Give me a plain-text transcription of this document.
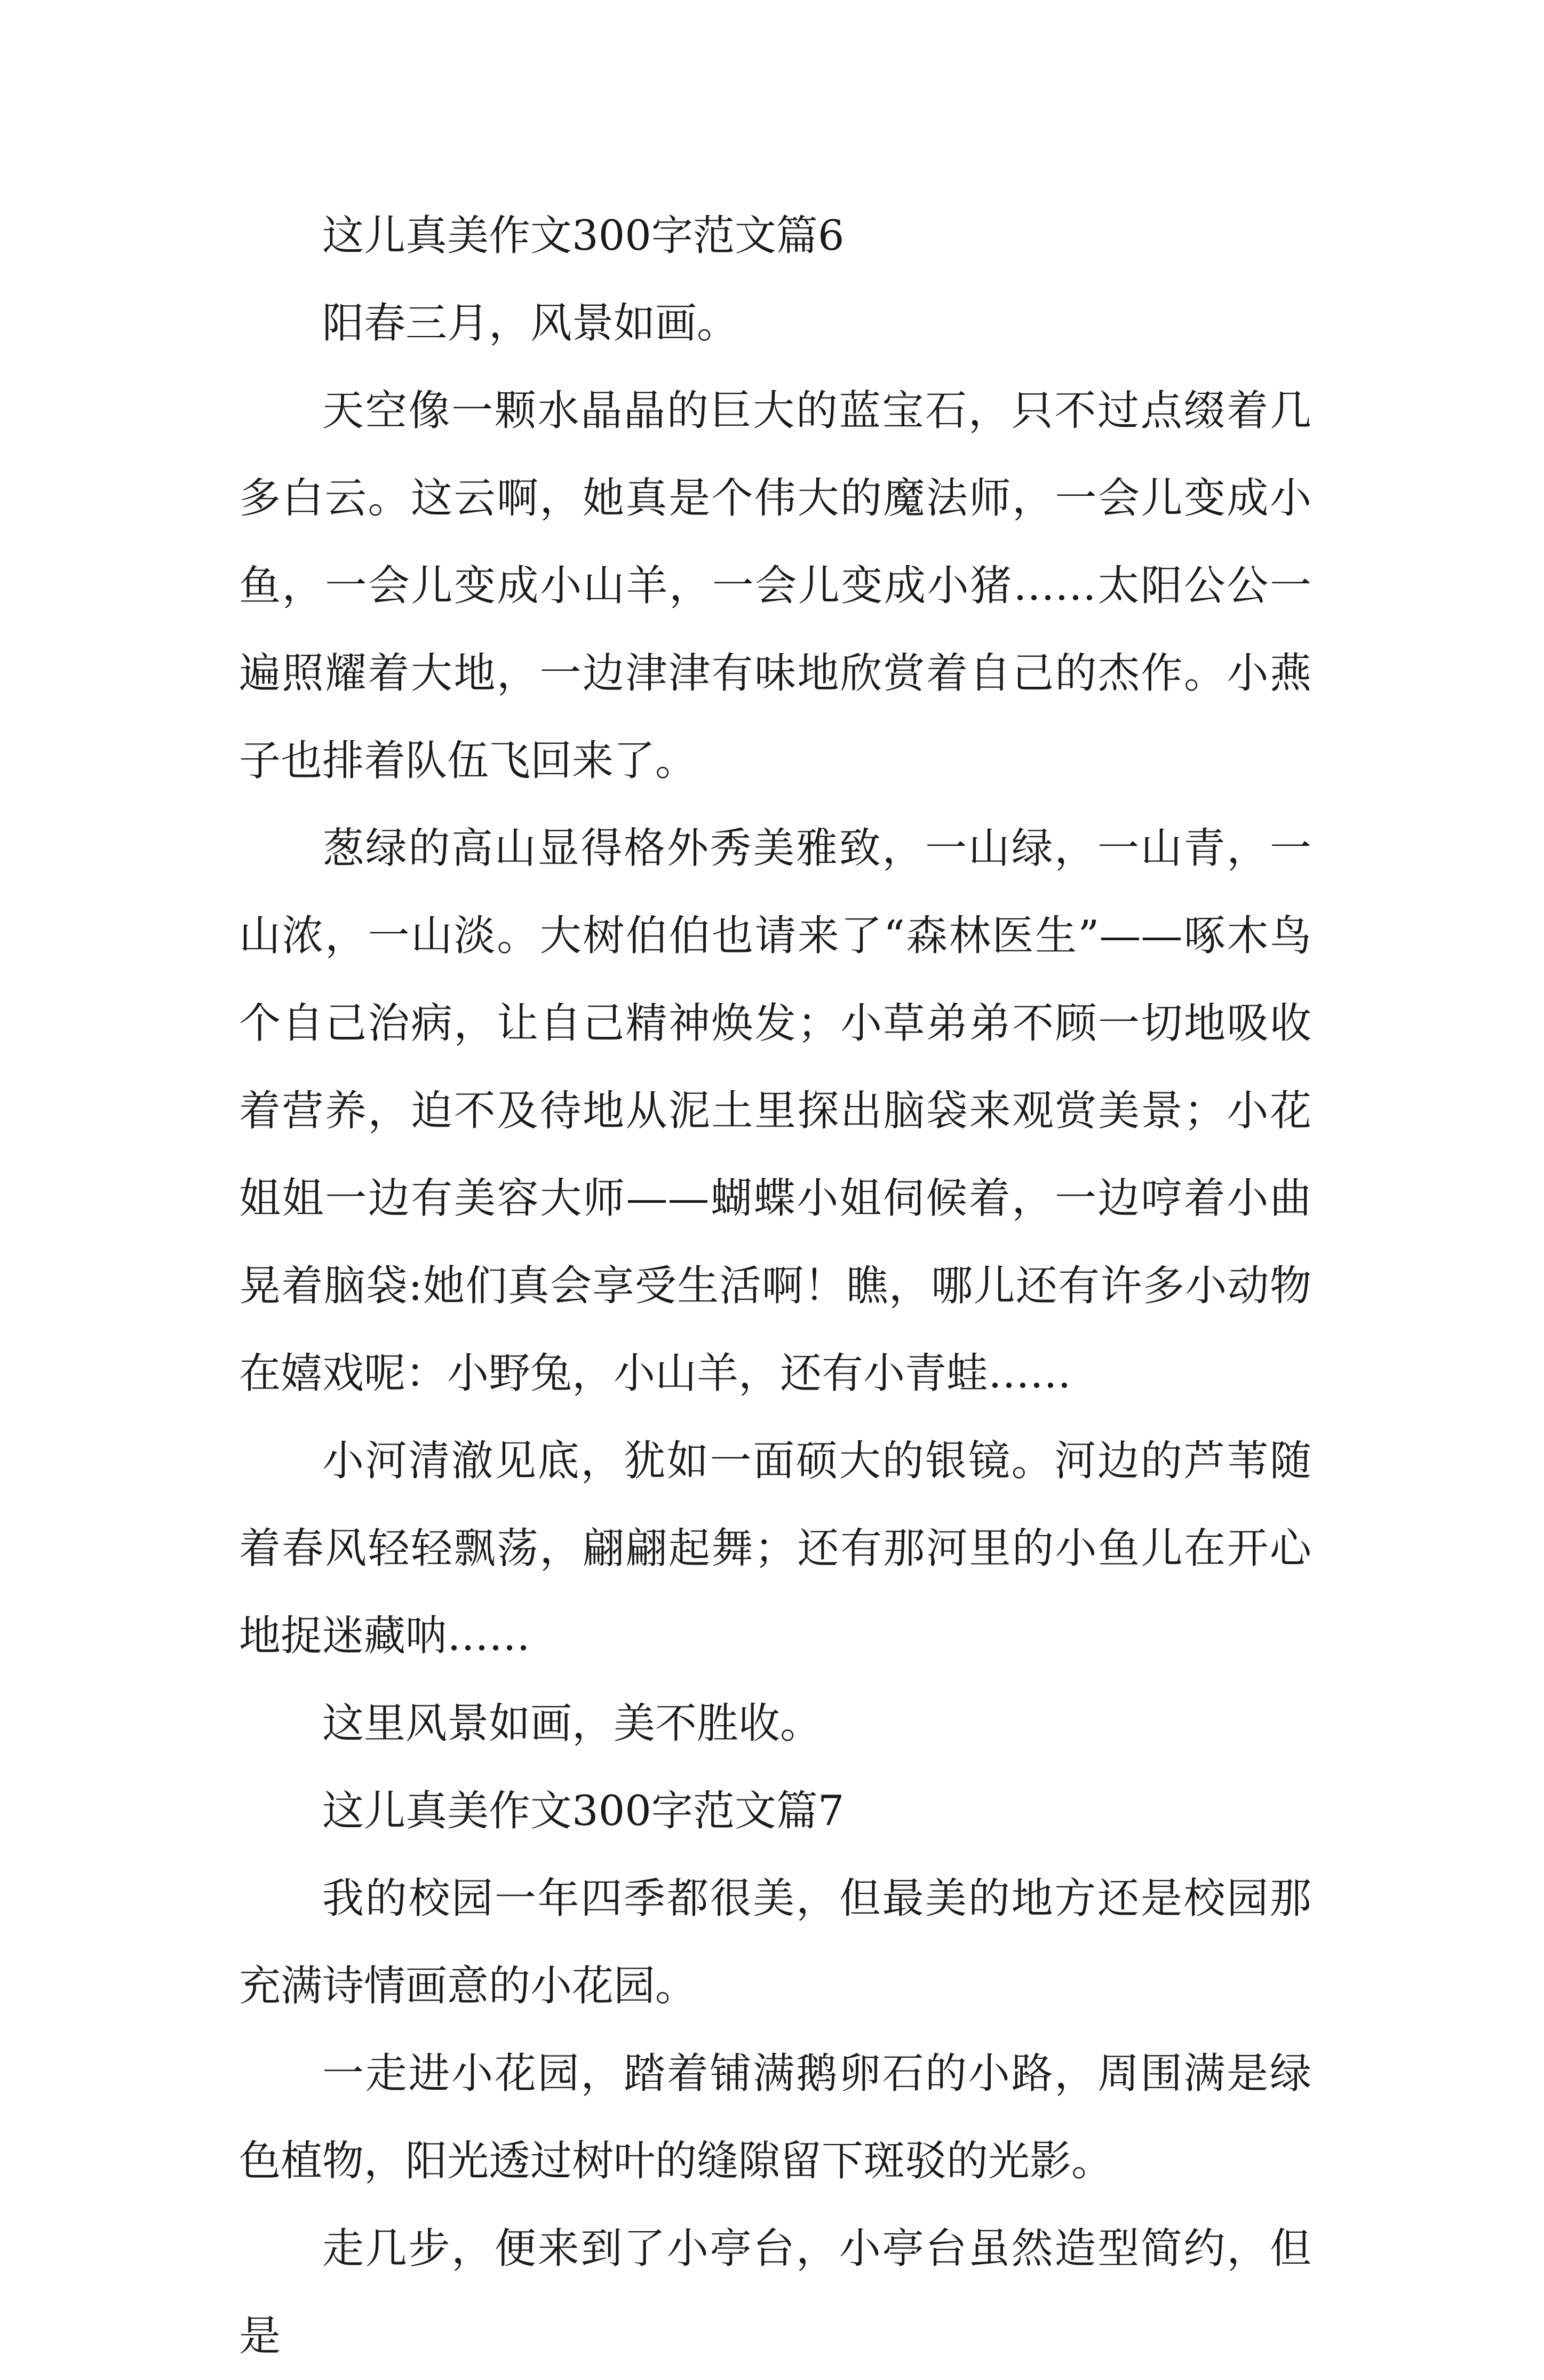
这儿真美作文300字范文篇6

阳春三月，风景如画。

天空像一颗水晶晶的巨大的蓝宝石，只不过点缀着几多白云。这云啊，她真是个伟大的魔法师，一会儿变成小鱼，一会儿变成小山羊，一会儿变成小猪……太阳公公一遍照耀着大地，一边津津有味地欣赏着自己的杰作。小燕子也排着队伍飞回来了。

葱绿的高山显得格外秀美雅致，一山绿，一山青，一山浓，一山淡。大树伯伯也请来了“森林医生”——啄木鸟个自己治病，让自己精神焕发；小草弟弟不顾一切地吸收着营养，迫不及待地从泥土里探出脑袋来观赏美景；小花姐姐一边有美容大师——蝴蝶小姐伺候着，一边哼着小曲晃着脑袋:她们真会享受生活啊！瞧，哪儿还有许多小动物在嬉戏呢：小野兔，小山羊，还有小青蛙……

小河清澈见底，犹如一面硕大的银镜。河边的芦苇随着春风轻轻飘荡，翩翩起舞；还有那河里的小鱼儿在开心地捉迷藏呐……

这里风景如画，美不胜收。

这儿真美作文300字范文篇7

我的校园一年四季都很美，但最美的地方还是校园那充满诗情画意的小花园。

一走进小花园，踏着铺满鹅卵石的小路，周围满是绿色植物，阳光透过树叶的缝隙留下斑驳的光影。

走几步，便来到了小亭台，小亭台虽然造型简约，但是
